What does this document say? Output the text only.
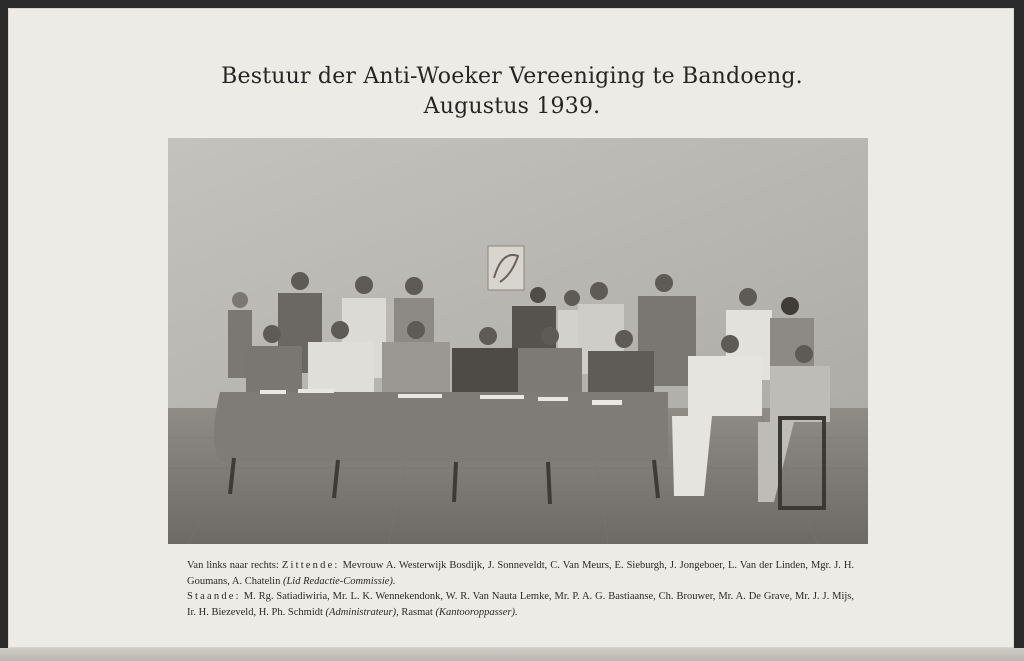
Bestuur der Anti-Woeker Vereeniging te Bandoeng.
Augustus 1939.
Van links naar rechts: Zittende: Mevrouw A. Westerwijk Bosdijk, J. Sonneveldt, C. Van Meurs, E. Sieburgh, J. Jongeboer, L. Van der Linden, Mgr. J. H. Goumans, A. Chatelin (Lid Redactie-Commissie).
Staande: M. Rg. Satiadiwiria, Mr. L. K. Wennekendonk, W. R. Van Nauta Lemke, Mr. P. A. G. Bastiaanse, Ch. Brouwer, Mr. A. De Grave, Mr. J. J. Mijs, Ir. H. Biezeveld, H. Ph. Schmidt (Administrateur), Rasmat (Kantooroppasser).
